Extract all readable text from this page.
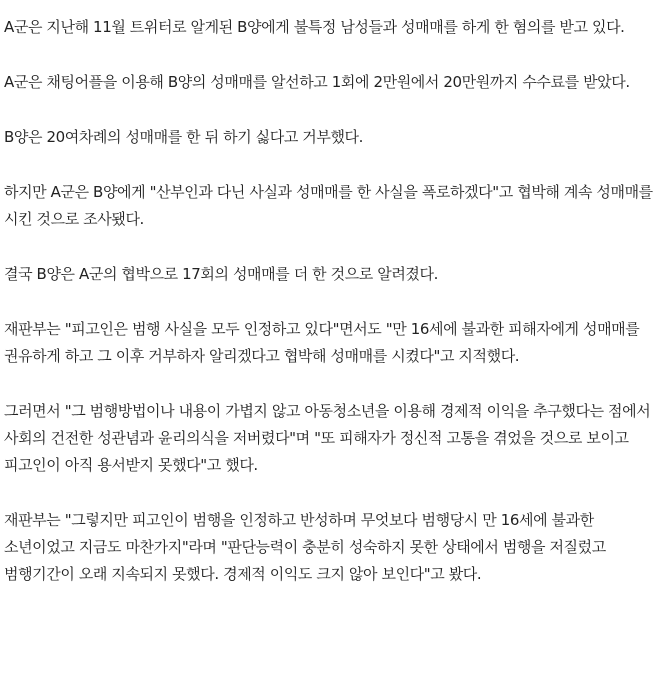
A군은 지난해 11월 트위터로 알게된 B양에게 불특정 남성들과 성매매를 하게 한 혐의를 받고 있다.

A군은 채팅어플을 이용해 B양의 성매매를 알선하고 1회에 2만원에서 20만원까지 수수료를 받았다.

B양은 20여차례의 성매매를 한 뒤 하기 싫다고 거부했다.

하지만 A군은 B양에게 "산부인과 다닌 사실과 성매매를 한 사실을 폭로하겠다"고 협박해 계속 성매매를 시킨 것으로 조사됐다.

결국 B양은 A군의 협박으로 17회의 성매매를 더 한 것으로 알려졌다.

재판부는 "피고인은 범행 사실을 모두 인정하고 있다"면서도 "만 16세에 불과한 피해자에게 성매매를 권유하게 하고 그 이후 거부하자 알리겠다고 협박해 성매매를 시켰다"고 지적했다.

그러면서 "그 범행방법이나 내용이 가볍지 않고 아동청소년을 이용해 경제적 이익을 추구했다는 점에서 사회의 건전한 성관념과 윤리의식을 저버렸다"며 "또 피해자가 정신적 고통을 겪었을 것으로 보이고 피고인이 아직 용서받지 못했다"고 했다.

재판부는 "그렇지만 피고인이 범행을 인정하고 반성하며 무엇보다 범행당시 만 16세에 불과한 소년이었고 지금도 마찬가지"라며 "판단능력이 충분히 성숙하지 못한 상태에서 범행을 저질렀고 범행기간이 오래 지속되지 못했다. 경제적 이익도 크지 않아 보인다"고 봤다.
